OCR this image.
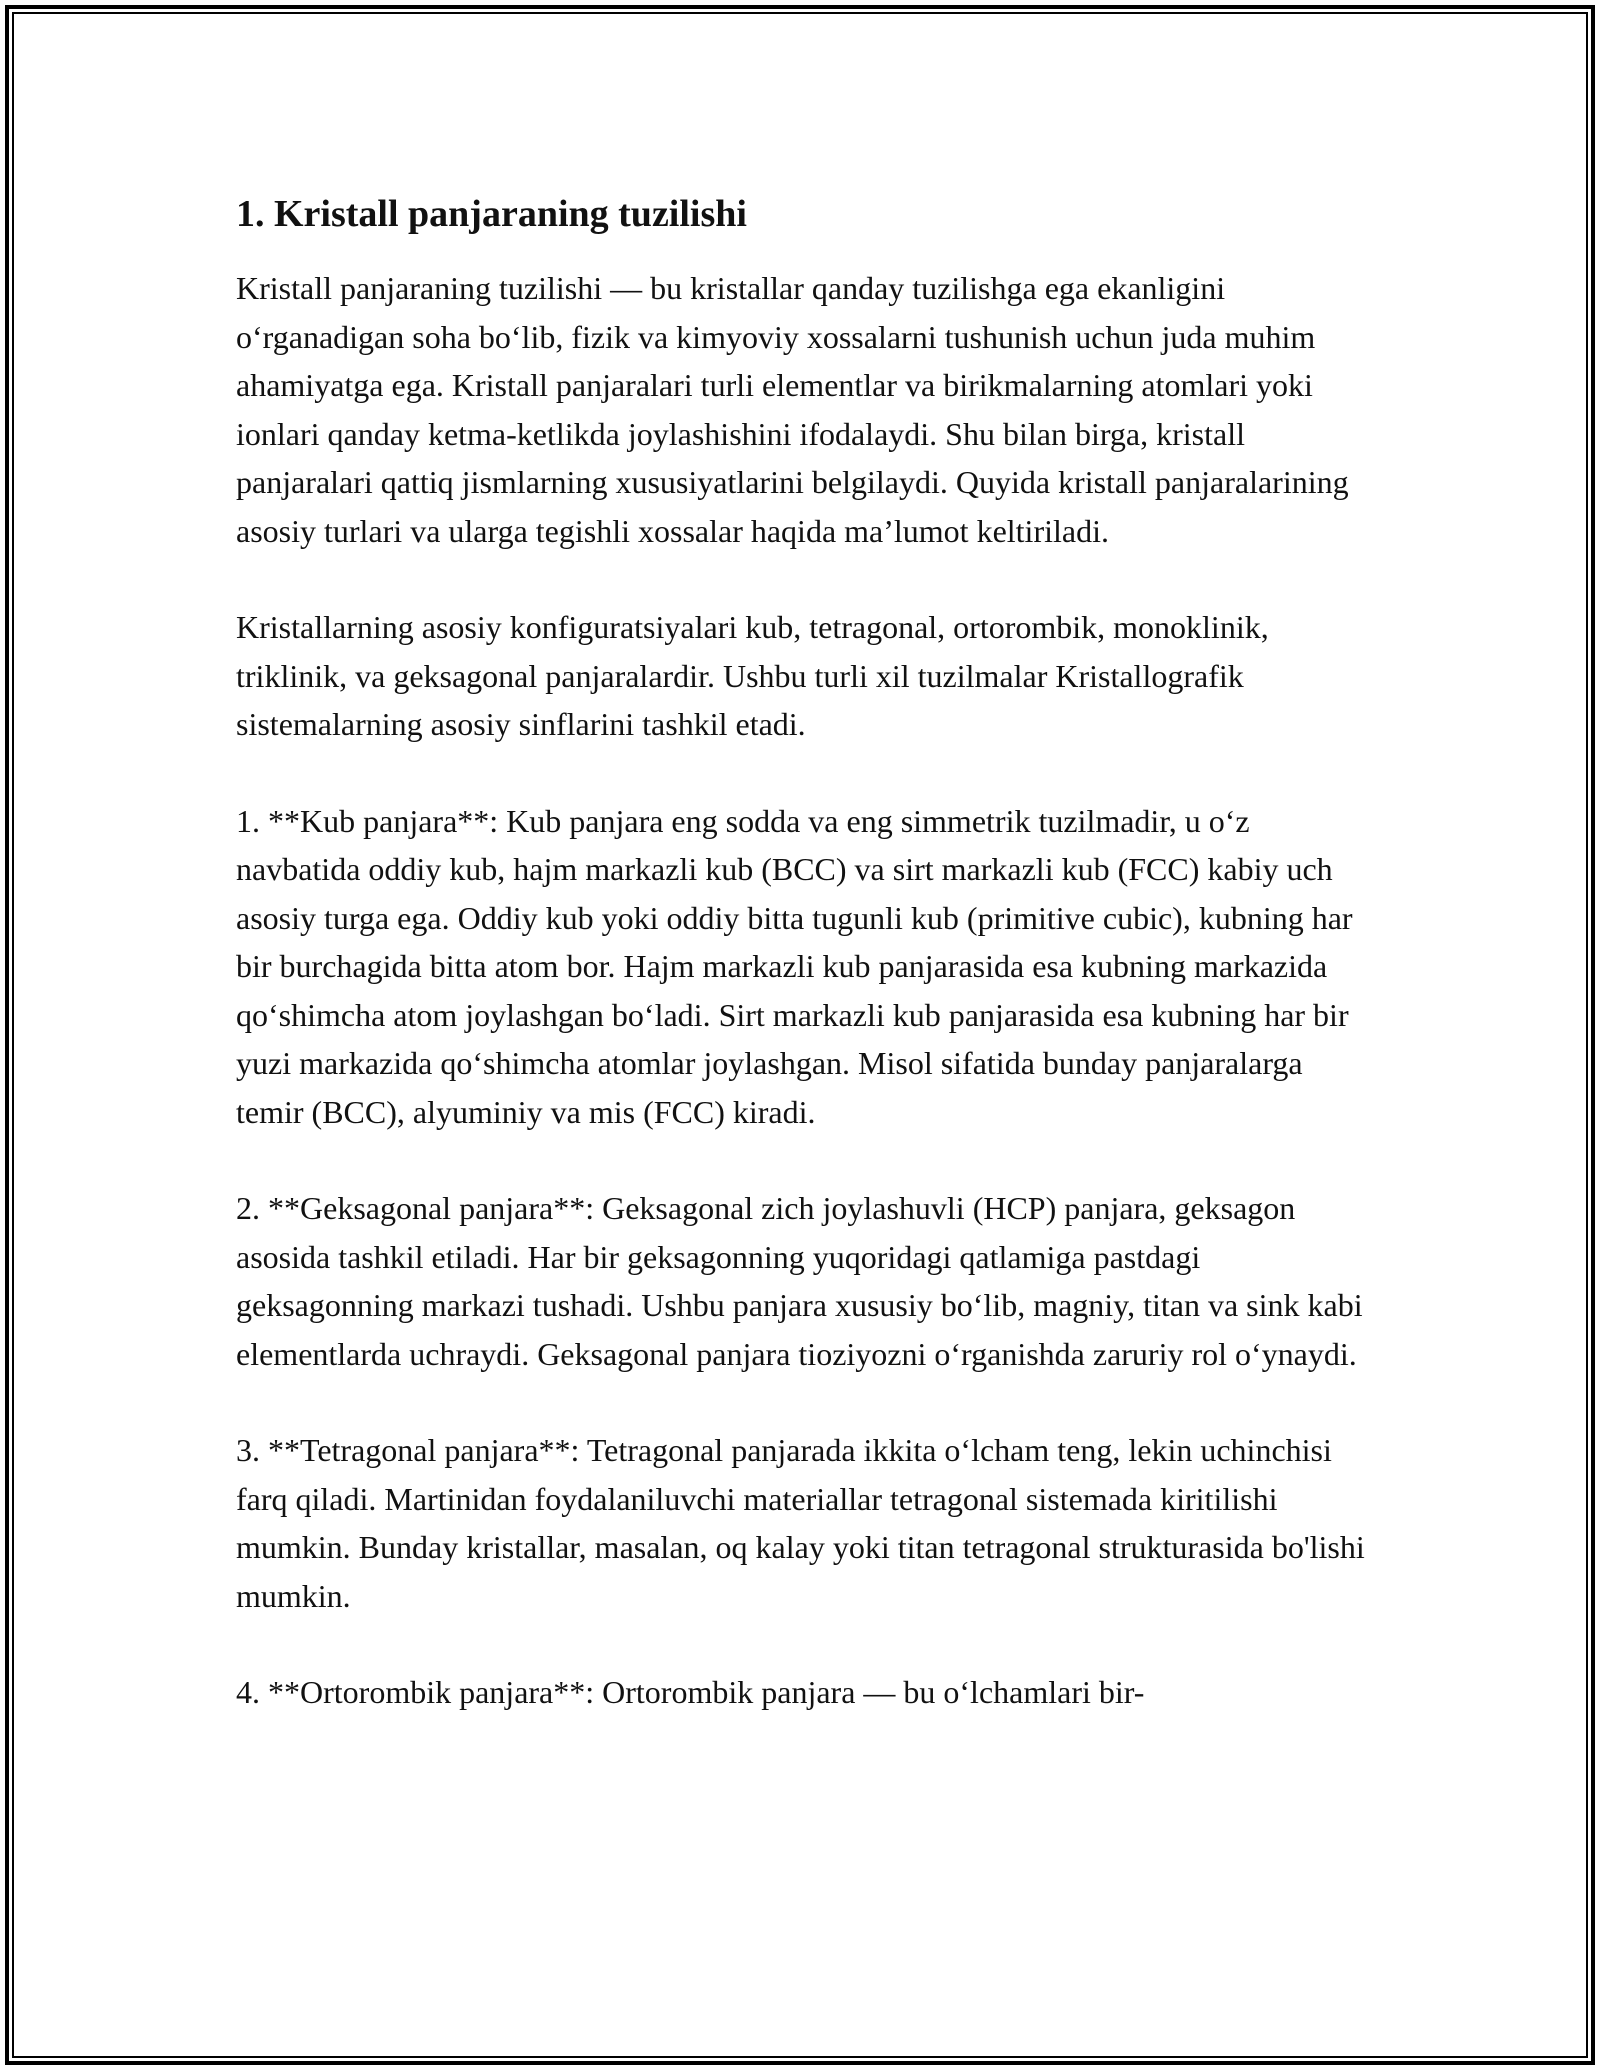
1. Kristall panjaraning tuzilishi

Kristall panjaraning tuzilishi — bu kristallar qanday tuzilishga ega ekanligini oʻrganadigan soha boʻlib, fizik va kimyoviy xossalarni tushunish uchun juda muhim ahamiyatga ega. Kristall panjaralari turli elementlar va birikmalarning atomlari yoki ionlari qanday ketma-ketlikda joylashishini ifodalaydi. Shu bilan birga, kristall panjaralari qattiq jismlarning xususiyatlarini belgilaydi. Quyida kristall panjaralarining asosiy turlari va ularga tegishli xossalar haqida maʼlumot keltiriladi.

Kristallarning asosiy konfiguratsiyalari kub, tetragonal, ortorombik, monoklinik, triklinik, va geksagonal panjaralardir. Ushbu turli xil tuzilmalar Kristallografik sistemalarning asosiy sinflarini tashkil etadi.

1. **Kub panjara**: Kub panjara eng sodda va eng simmetrik tuzilmadir, u oʻz navbatida oddiy kub, hajm markazli kub (BCC) va sirt markazli kub (FCC) kabiy uch asosiy turga ega. Oddiy kub yoki oddiy bitta tugunli kub (primitive cubic), kubning har bir burchagida bitta atom bor. Hajm markazli kub panjarasida esa kubning markazida qoʻshimcha atom joylashgan boʻladi. Sirt markazli kub panjarasida esa kubning har bir yuzi markazida qoʻshimcha atomlar joylashgan. Misol sifatida bunday panjaralarga temir (BCC), alyuminiy va mis (FCC) kiradi.

2. **Geksagonal panjara**: Geksagonal zich joylashuvli (HCP) panjara, geksagon asosida tashkil etiladi. Har bir geksagonning yuqoridagi qatlamiga pastdagi geksagonning markazi tushadi. Ushbu panjara xususiy boʻlib, magniy, titan va sink kabi elementlarda uchraydi. Geksagonal panjara tioziyozni oʻrganishda zaruriy rol oʻynaydi.

3. **Tetragonal panjara**: Tetragonal panjarada ikkita oʻlcham teng, lekin uchinchisi farq qiladi. Martinidan foydalaniluvchi materiallar tetragonal sistemada kiritilishi mumkin. Bunday kristallar, masalan, oq kalay yoki titan tetragonal strukturasida bo'lishi mumkin.

4. **Ortorombik panjara**: Ortorombik panjara — bu oʻlchamlari bir-
